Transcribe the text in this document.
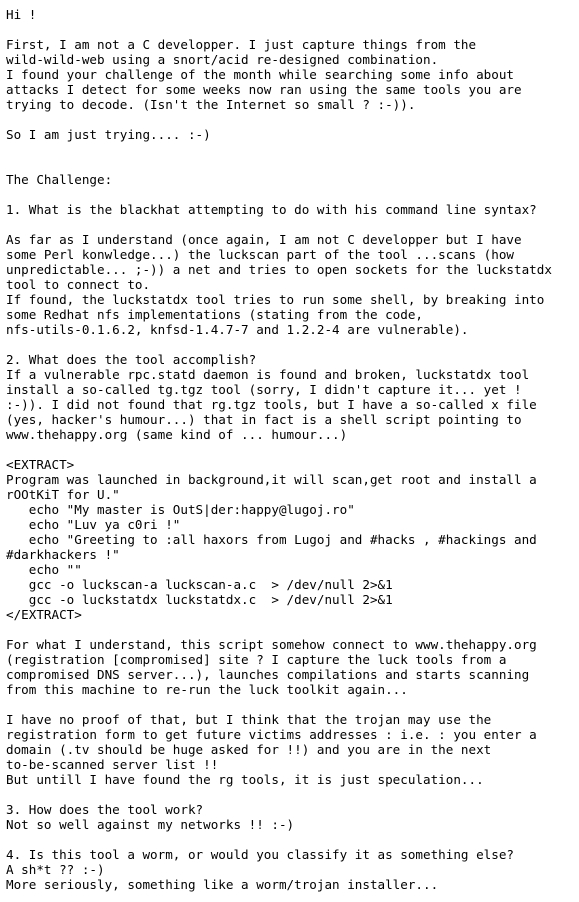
Hi !
First, I am not a C developper. I just capture things from the
wild-wild-web using a snort/acid re-designed combination.
I found your challenge of the month while searching some info about
attacks I detect for some weeks now ran using the same tools you are
trying to decode. (Isn't the Internet so small ? :-)).
So I am just trying.... :-)
The Challenge:
1. What is the blackhat attempting to do with his command line syntax?
As far as I understand (once again, I am not C developper but I have
some Perl konwledge...) the luckscan part of the tool ...scans (how
unpredictable... ;-)) a net and tries to open sockets for the luckstatdx
tool to connect to.
If found, the luckstatdx tool tries to run some shell, by breaking into
some Redhat nfs implementations (stating from the code,
nfs-utils-0.1.6.2, knfsd-1.4.7-7 and 1.2.2-4 are vulnerable).
2. What does the tool accomplish?
If a vulnerable rpc.statd daemon is found and broken, luckstatdx tool
install a so-called tg.tgz tool (sorry, I didn't capture it... yet !
:-)). I did not found that rg.tgz tools, but I have a so-called x file
(yes, hacker's humour...) that in fact is a shell script pointing to
www.thehappy.org (same kind of ... humour...)
<EXTRACT>
Program was launched in background,it will scan,get root and install a
rOOtKiT for U."
echo "My master is OutS|der:happy@lugoj.ro"
echo "Luv ya c0ri !"
echo "Greeting to :all haxors from Lugoj and #hacks , #hackings and
#darkhackers !"
echo ""
gcc -o luckscan-a luckscan-a.c  > /dev/null 2>&1
gcc -o luckstatdx luckstatdx.c  > /dev/null 2>&1
</EXTRACT>
For what I understand, this script somehow connect to www.thehappy.org
(registration [compromised] site ? I capture the luck tools from a
compromised DNS server...), launches compilations and starts scanning
from this machine to re-run the luck toolkit again...
I have no proof of that, but I think that the trojan may use the
registration form to get future victims addresses : i.e. : you enter a
domain (.tv should be huge asked for !!) and you are in the next
to-be-scanned server list !!
But untill I have found the rg tools, it is just speculation...
3. How does the tool work?
Not so well against my networks !! :-)
4. Is this tool a worm, or would you classify it as something else?
A sh*t ?? :-)
More seriously, something like a worm/trojan installer...
